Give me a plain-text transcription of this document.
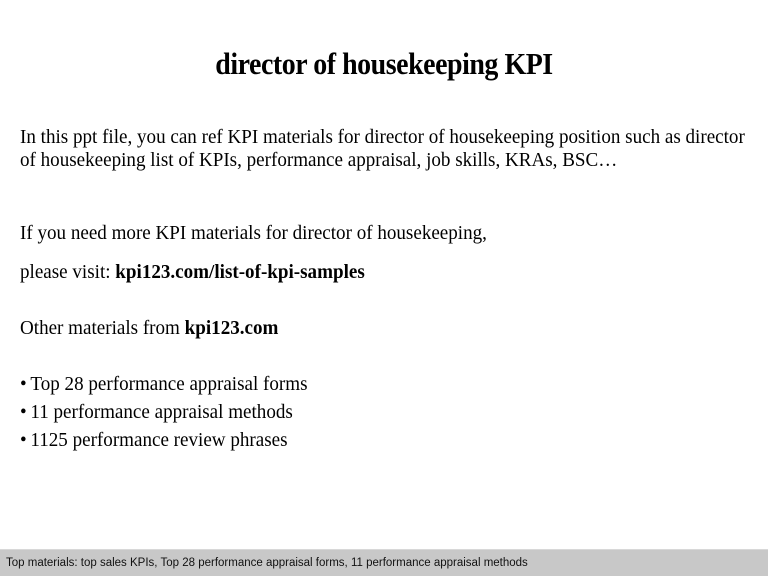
director of housekeeping KPI
In this ppt file, you can ref KPI materials for director of housekeeping position such as director of housekeeping list of KPIs, performance appraisal, job skills, KRAs, BSC…
If you need more KPI materials for director of housekeeping,
please visit: kpi123.com/list-of-kpi-samples
Other materials from kpi123.com
• Top 28 performance appraisal forms
• 11 performance appraisal methods
• 1125 performance review phrases
Top materials: top sales KPIs, Top 28 performance appraisal forms, 11 performance appraisal methods
